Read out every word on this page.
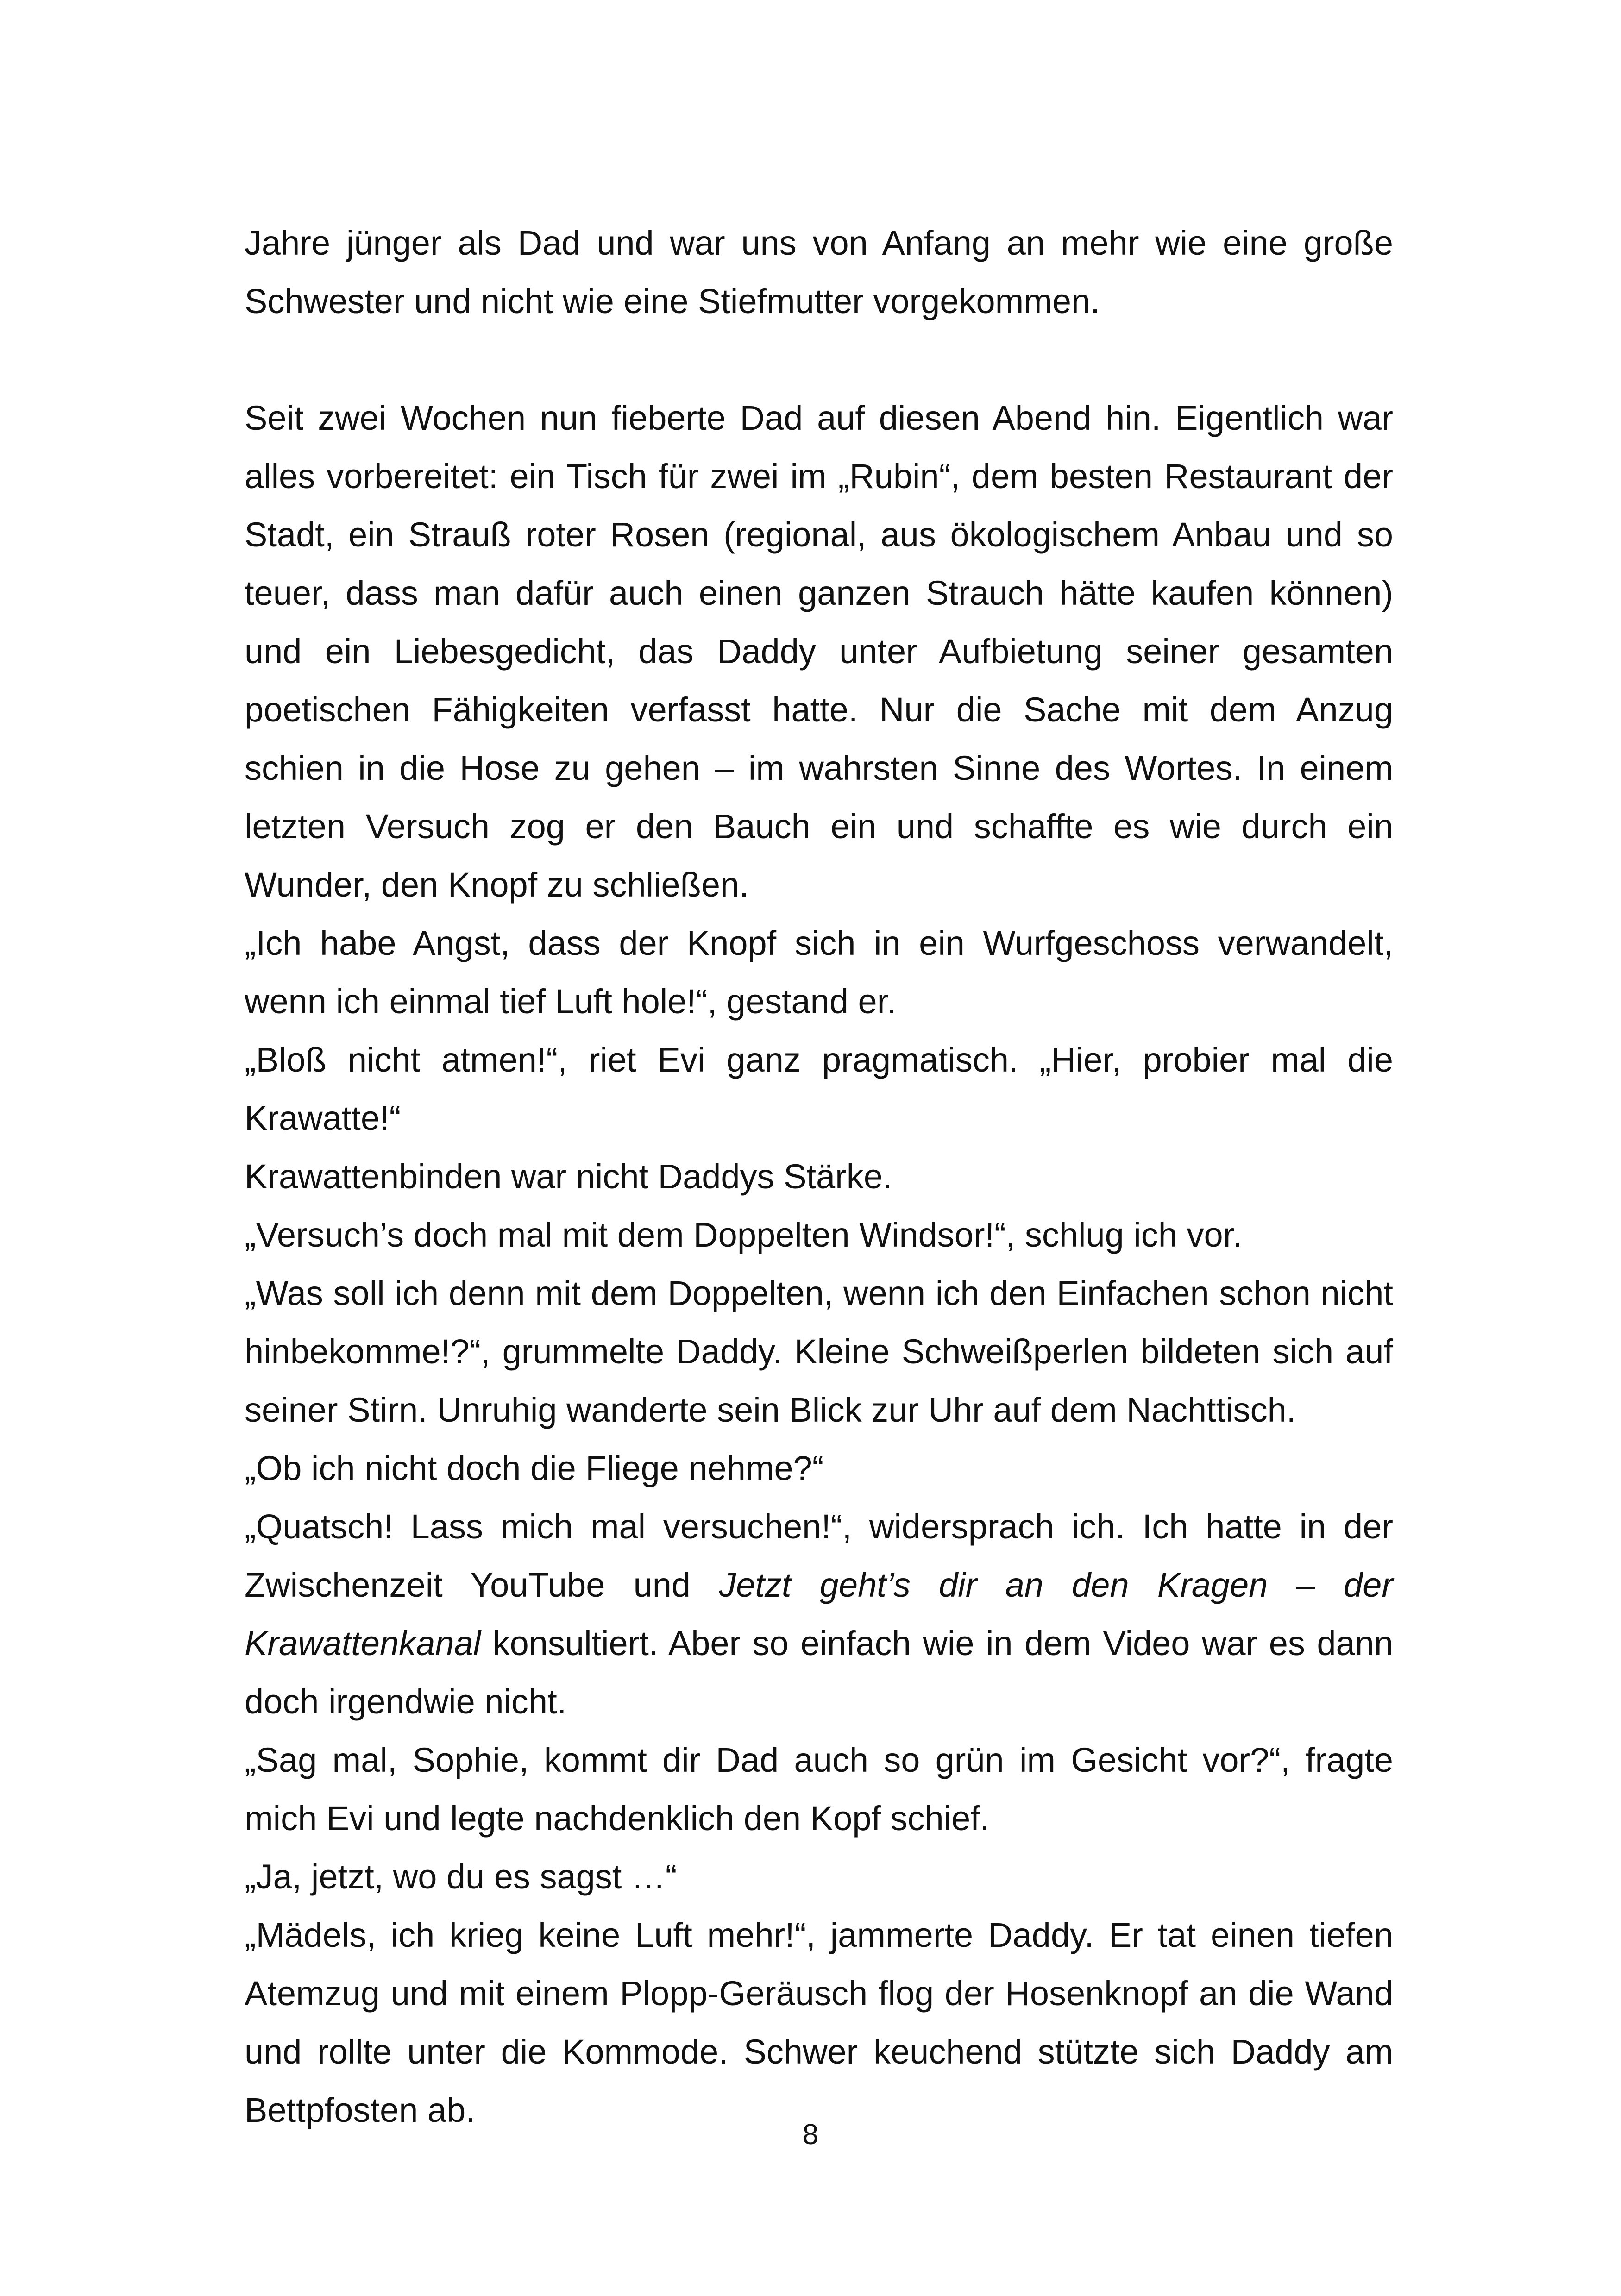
Jahre jünger als Dad und war uns von Anfang an mehr wie eine große Schwester und nicht wie eine Stiefmutter vorgekommen.

Seit zwei Wochen nun fieberte Dad auf diesen Abend hin. Eigentlich war alles vorbereitet: ein Tisch für zwei im „Rubin“, dem besten Restaurant der Stadt, ein Strauß roter Rosen (regional, aus ökologischem Anbau und so teuer, dass man dafür auch einen ganzen Strauch hätte kaufen können) und ein Liebesgedicht, das Daddy unter Aufbietung seiner gesamten poetischen Fähigkeiten verfasst hatte. Nur die Sache mit dem Anzug schien in die Hose zu gehen – im wahrsten Sinne des Wortes. In einem letzten Versuch zog er den Bauch ein und schaffte es wie durch ein Wunder, den Knopf zu schließen.

„Ich habe Angst, dass der Knopf sich in ein Wurfgeschoss verwandelt, wenn ich einmal tief Luft hole!“, gestand er.

„Bloß nicht atmen!“, riet Evi ganz pragmatisch. „Hier, probier mal die Krawatte!“

Krawattenbinden war nicht Daddys Stärke.

„Versuch’s doch mal mit dem Doppelten Windsor!“, schlug ich vor.

„Was soll ich denn mit dem Doppelten, wenn ich den Einfachen schon nicht hinbekomme!?“, grummelte Daddy. Kleine Schweißperlen bildeten sich auf seiner Stirn. Unruhig wanderte sein Blick zur Uhr auf dem Nachttisch.

„Ob ich nicht doch die Fliege nehme?“

„Quatsch! Lass mich mal versuchen!“, widersprach ich. Ich hatte in der Zwischenzeit YouTube und Jetzt geht’s dir an den Kragen – der Krawattenkanal konsultiert. Aber so einfach wie in dem Video war es dann doch irgendwie nicht.

„Sag mal, Sophie, kommt dir Dad auch so grün im Gesicht vor?“, fragte mich Evi und legte nachdenklich den Kopf schief.

„Ja, jetzt, wo du es sagst …“

„Mädels, ich krieg keine Luft mehr!“, jammerte Daddy. Er tat einen tiefen Atemzug und mit einem Plopp-Geräusch flog der Hosenknopf an die Wand und rollte unter die Kommode. Schwer keuchend stützte sich Daddy am Bettpfosten ab.

8
